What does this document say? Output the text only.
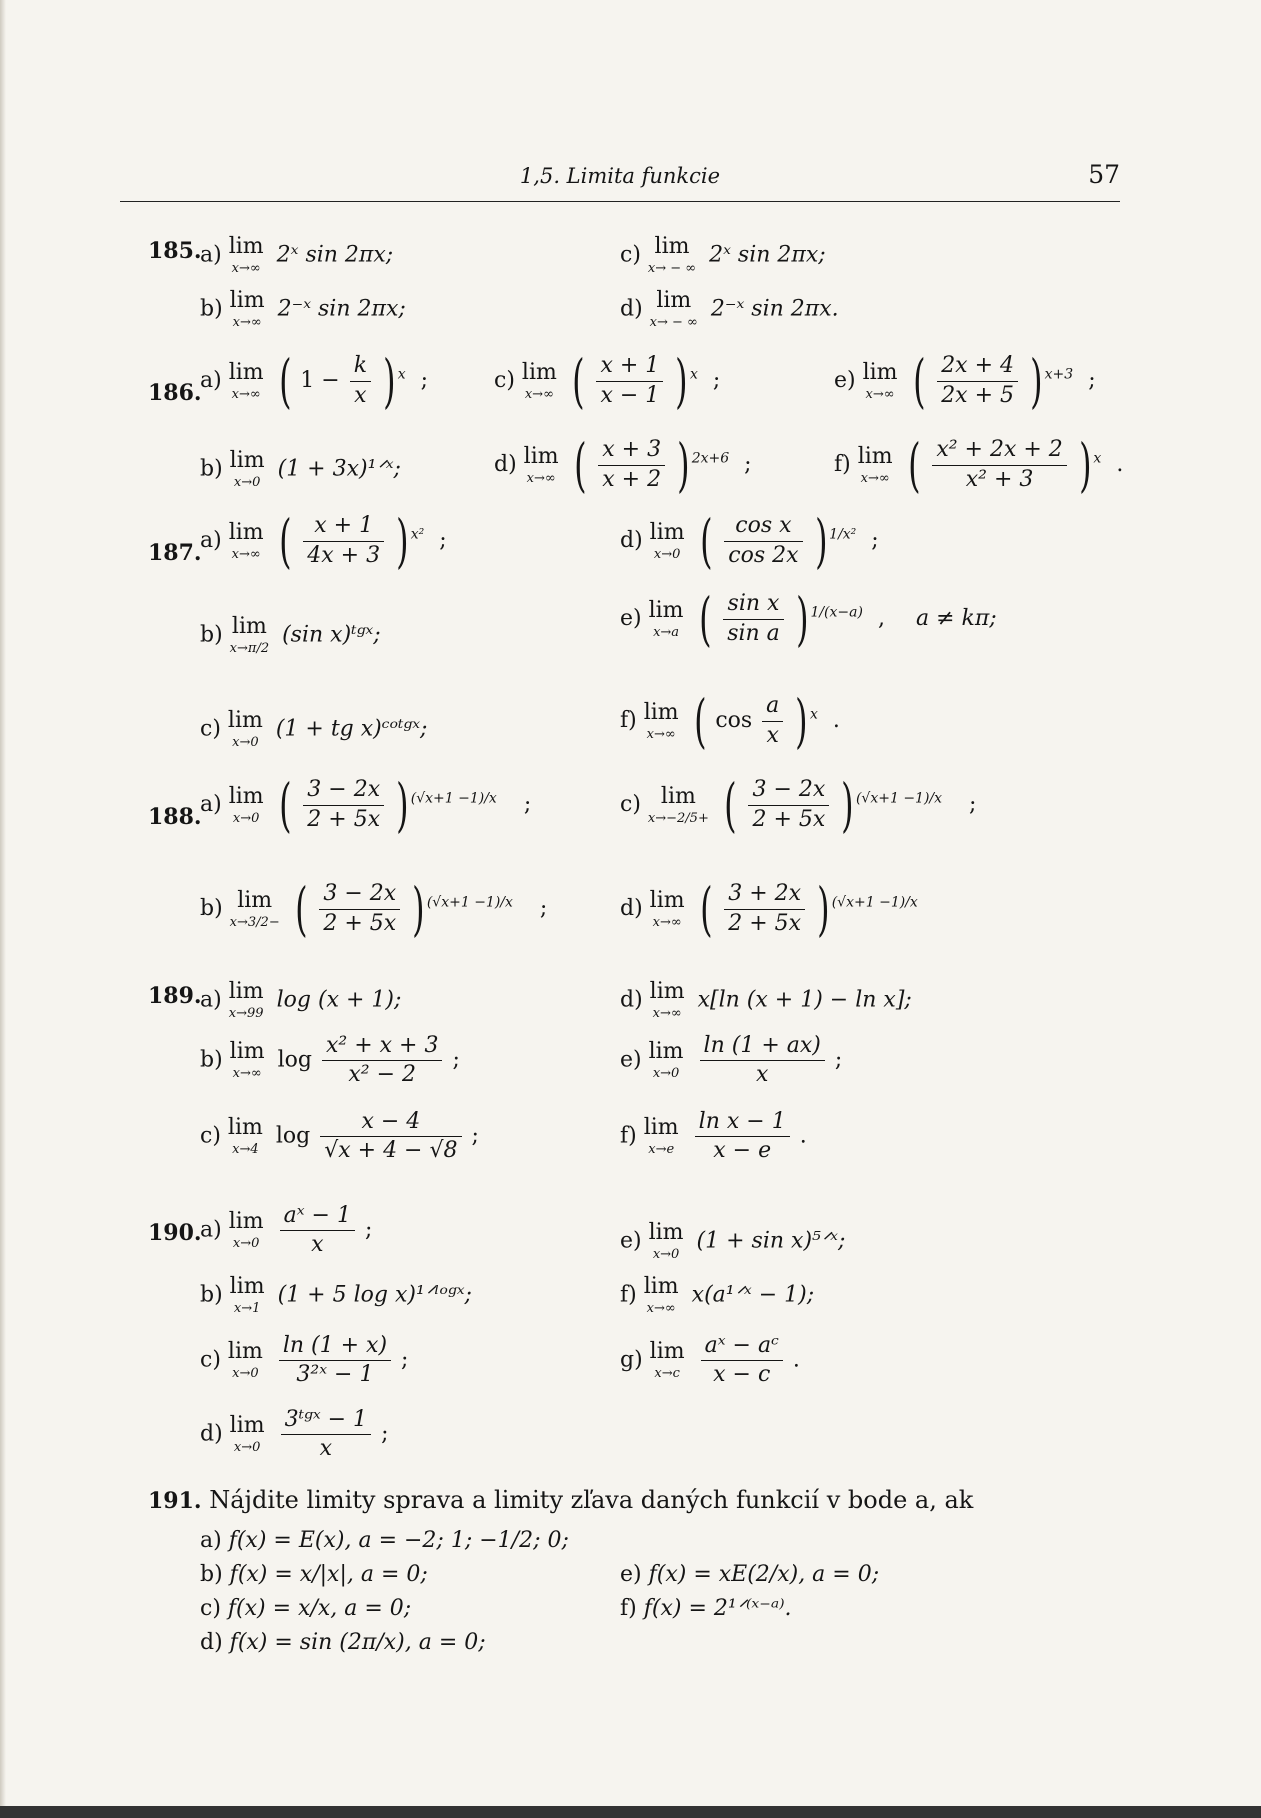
1,5. Limita funkcie	57
185.
a) lim
x→∞
2ˣ sin 2πx;
b) lim
x→∞
2⁻ˣ sin 2πx;
c) lim
x→ − ∞
2ˣ sin 2πx;
d) lim
x→ − ∞
2⁻ˣ sin 2πx.
186.
a) lim
x→∞ ( $1 - \frac{k}{x}$ ) $^x$ ;
b) lim
x→0
(1 + 3x)¹ᐟˣ;
c) lim
x→∞ ( $\frac{x + 1}{x - 1}$ ) $^x$ ;
d) lim
x→∞ ( $\frac{x + 3}{x + 2}$ ) $^{2x+6}$ ;
e) lim
x→∞ ( $\frac{2x + 4}{2x + 5}$ ) $^{x+3}$ ;
f) lim
x→∞ ( $\frac{\text{x² + 2x + 2}}{\text{x² + 3}}$ ) $^x$ .
187.
a) lim
x→∞ ( $\frac{x + 1}{4x + 3}$ ) $^{x^2}$ ;
b) lim
x→π/2
(sin x)ᵗᵍˣ;
c) lim
x→0
(1 + tg x)ᶜᵒᵗᵍˣ;
d) lim
x→0 ( $\frac{\text{cos x}}{\cos 2x}$ ) $^{1/x^2}$ ;
e) lim
x→a ( $\frac{\text{sin x}}{\text{sin a}}$ ) $^{1/(x-a)}$ , a ≠ kπ;
f) lim
x→∞ ( $\cos \frac{a}{x}$ ) $^x$ .
188.
a) lim
x→0 ( $\frac{3 - 2x}{2 + 5x}$ ) $^{(√x+1 -1)/x}$ ;
b) lim
x→3/2− ( $\frac{3 - 2x}{2 + 5x}$ ) $^{(√x+1 -1)/x}$ ;
c) lim
x→−2/5+ ( $\frac{3 - 2x}{2 + 5x}$ ) $^{(√x+1 -1)/x}$ ;
d) lim
x→∞ ( $\frac{3 + 2x}{2 + 5x}$ ) $^{(√x+1 -1)/x}$
189.
a) lim
x→99
log (x + 1);
b) lim
x→∞
$\log \frac{\text{x² + x + 3}}{\text{x² − 2}}$ ;
c) lim
x→4
$\log \frac{x - 4}{√x + 4 - √8}$ ;
d) lim
x→∞
x[ln (x + 1) − ln x];
e) lim
x→0
$\frac{\ln (1 + ax)}{x}$ ;
f) lim
x→e
$\frac{\text{ln x − 1}}{x - e}$ .
190.
a) lim
x→0
$\frac{\text{aˣ − 1}}{x}$ ;
b) lim
x→1
(1 + 5 log x)¹ᐟˡᵒᵍˣ;
c) lim
x→0
$\frac{\ln (1 + x)}{\text{3²ˣ − 1}}$ ;
d) lim
x→0
$\frac{\text{3ᵗᵍˣ − 1}}{x}$ ;
e) lim
x→0
(1 + sin x)⁵ᐟˣ;
f) lim
x→∞
x(a¹ᐟˣ − 1);
g) lim
x→c
$\frac{\text{aˣ − aᶜ}}{x - c}$ .
191. Nájdite limity sprava a limity zľava daných funkcií v bode a, ak
a) f(x) = E(x), a = −2; 1; −1/2; 0;
b) f(x) = x/|x|, a = 0;
c) f(x) = x/x, a = 0;
d) f(x) = sin (2π/x), a = 0;
e) f(x) = xE(2/x), a = 0;
f) f(x) = 2¹ᐟ⁽ˣ⁻ᵃ⁾.
